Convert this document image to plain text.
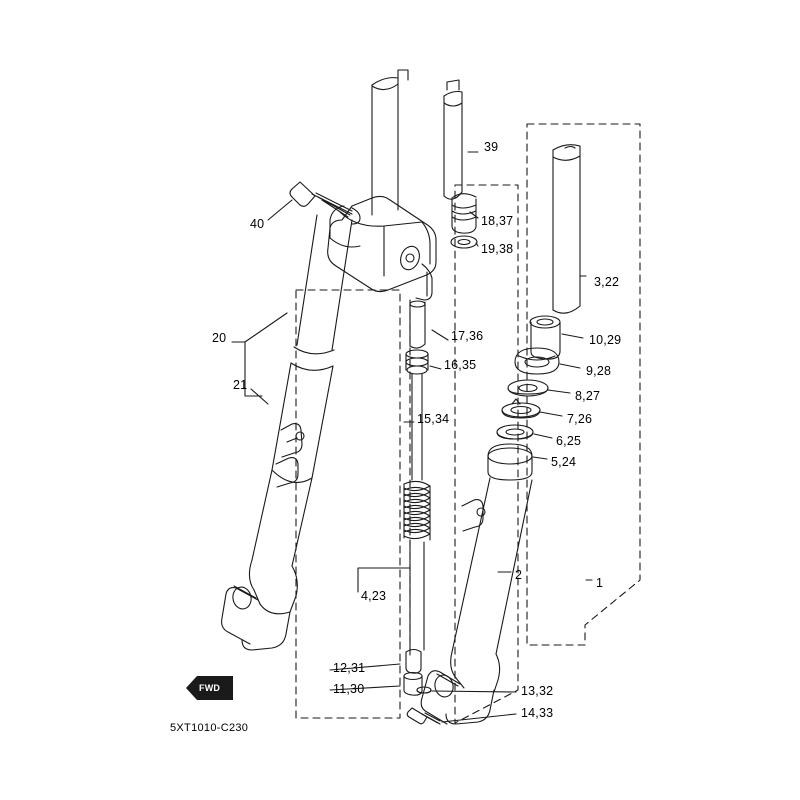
39
40	18,37
19,38
3,22
17,36	10,29
20
16,35	9,28
21
8,27
15,34	7,26
6,25
5,24
2
1
4,23
12,31
13,32
11,30
14,33
FWD
5XT1010-C230
